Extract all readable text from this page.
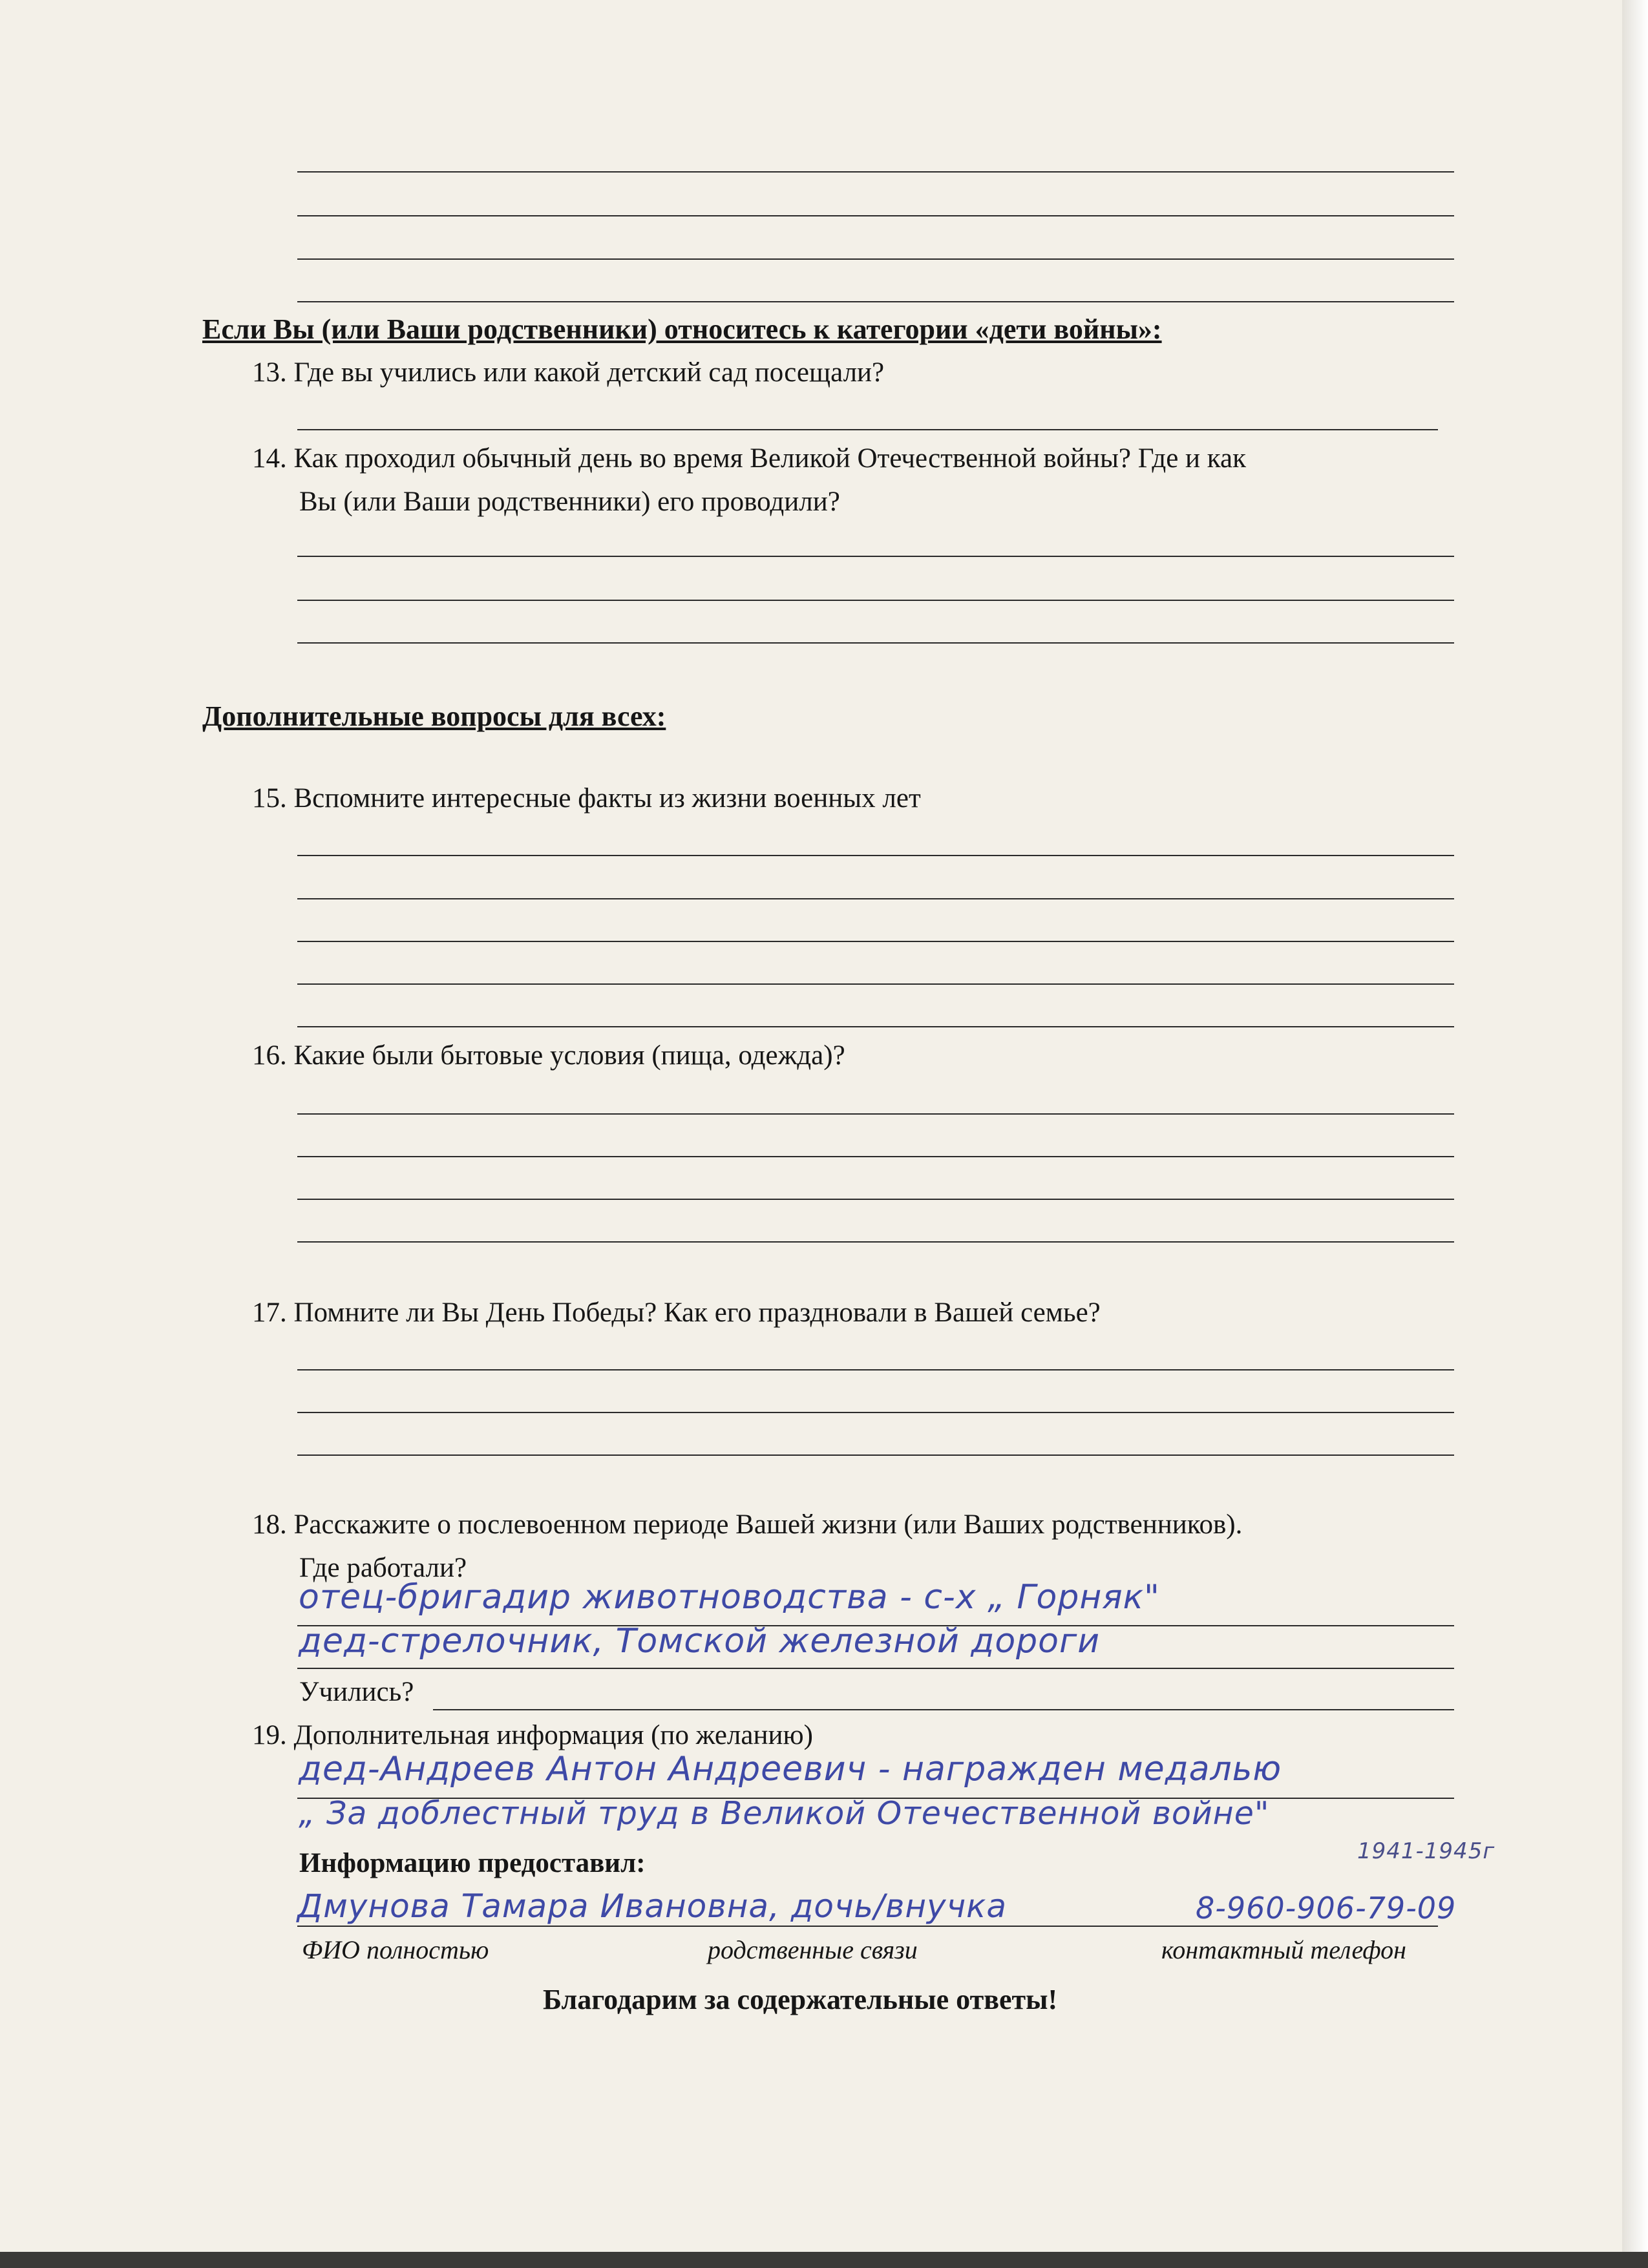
Если Вы (или Ваши родственники) относитесь к категории «дети войны»:
13. Где вы учились или какой детский сад посещали?
14. Как проходил обычный день во время Великой Отечественной войны? Где и как
Вы (или Ваши родственники) его проводили?
Дополнительные вопросы для всех:
15. Вспомните интересные факты из жизни военных лет
16. Какие были бытовые условия (пища, одежда)?
17. Помните ли Вы День Победы? Как его праздновали в Вашей семье?
18. Расскажите о послевоенном периоде Вашей жизни (или Ваших родственников).
Где работали?
отец-бригадир животноводства - с-х „ Горняк"
дед-стрелочник, Томской железной дороги
Учились?
19. Дополнительная информация (по желанию)
дед-Андреев Антон Андреевич - награжден медалью
„ За доблестный труд в Великой Отечественной войне"
1941-1945г
Информацию предоставил:
Дмуновa Тамара Ивановна, дочь/внучка	8-960-906-79-09
ФИО полностью	родственные связи	контактный телефон
Благодарим за содержательные ответы!
